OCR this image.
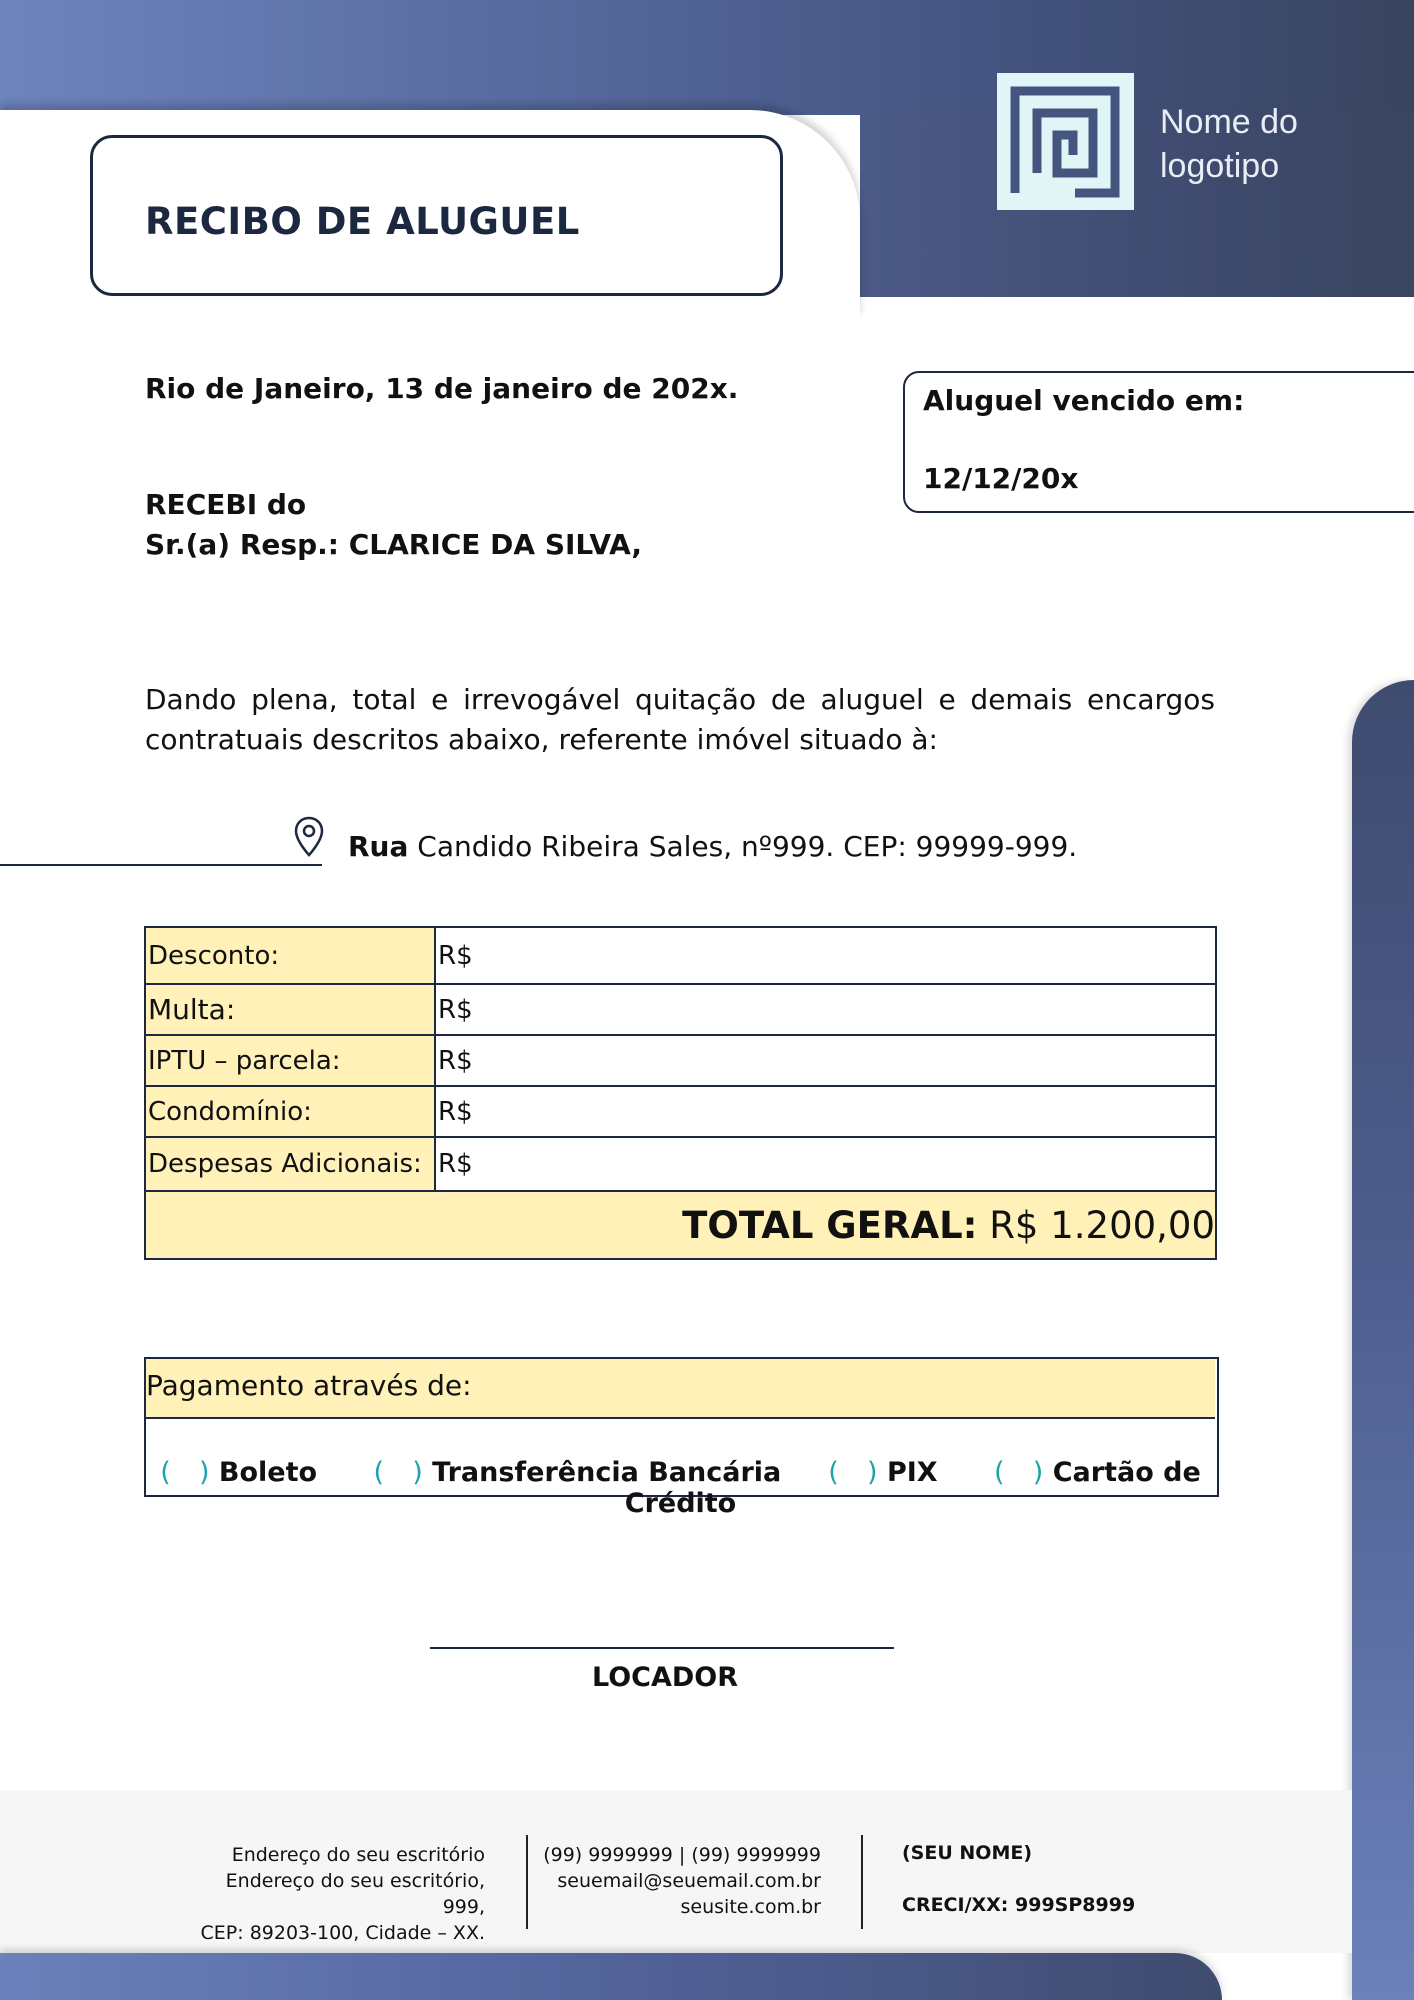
Nome do
logotipo
RECIBO DE ALUGUEL
Rio de Janeiro, 13 de janeiro de 202x.	Aluguel vencido em:
12/12/20x
RECEBI do
Sr.(a) Resp.: CLARICE DA SILVA,
Dando plena, total e irrevogável quitação de aluguel e demais encargos contratuais descritos abaixo, referente imóvel situado à:
Rua Candido Ribeira Sales, nº999. CEP: 99999-999.
Desconto:	R$
Multa:	R$
IPTU – parcela:	R$
Condomínio:	R$
Despesas Adicionais:	R$
TOTAL GERAL: R$ 1.200,00	
Pagamento através de:
( ) Boleto ( ) Transferência Bancária ( ) PIX ( ) Cartão de Crédito
LOCADOR
Endereço do seu escritório
Endereço do seu escritório, 999,
CEP: 89203-100, Cidade – XX.
(99) 9999999 | (99) 9999999
seuemail@seuemail.com.br
seusite.com.br
(SEU NOME)
CRECI/XX: 999SP8999
